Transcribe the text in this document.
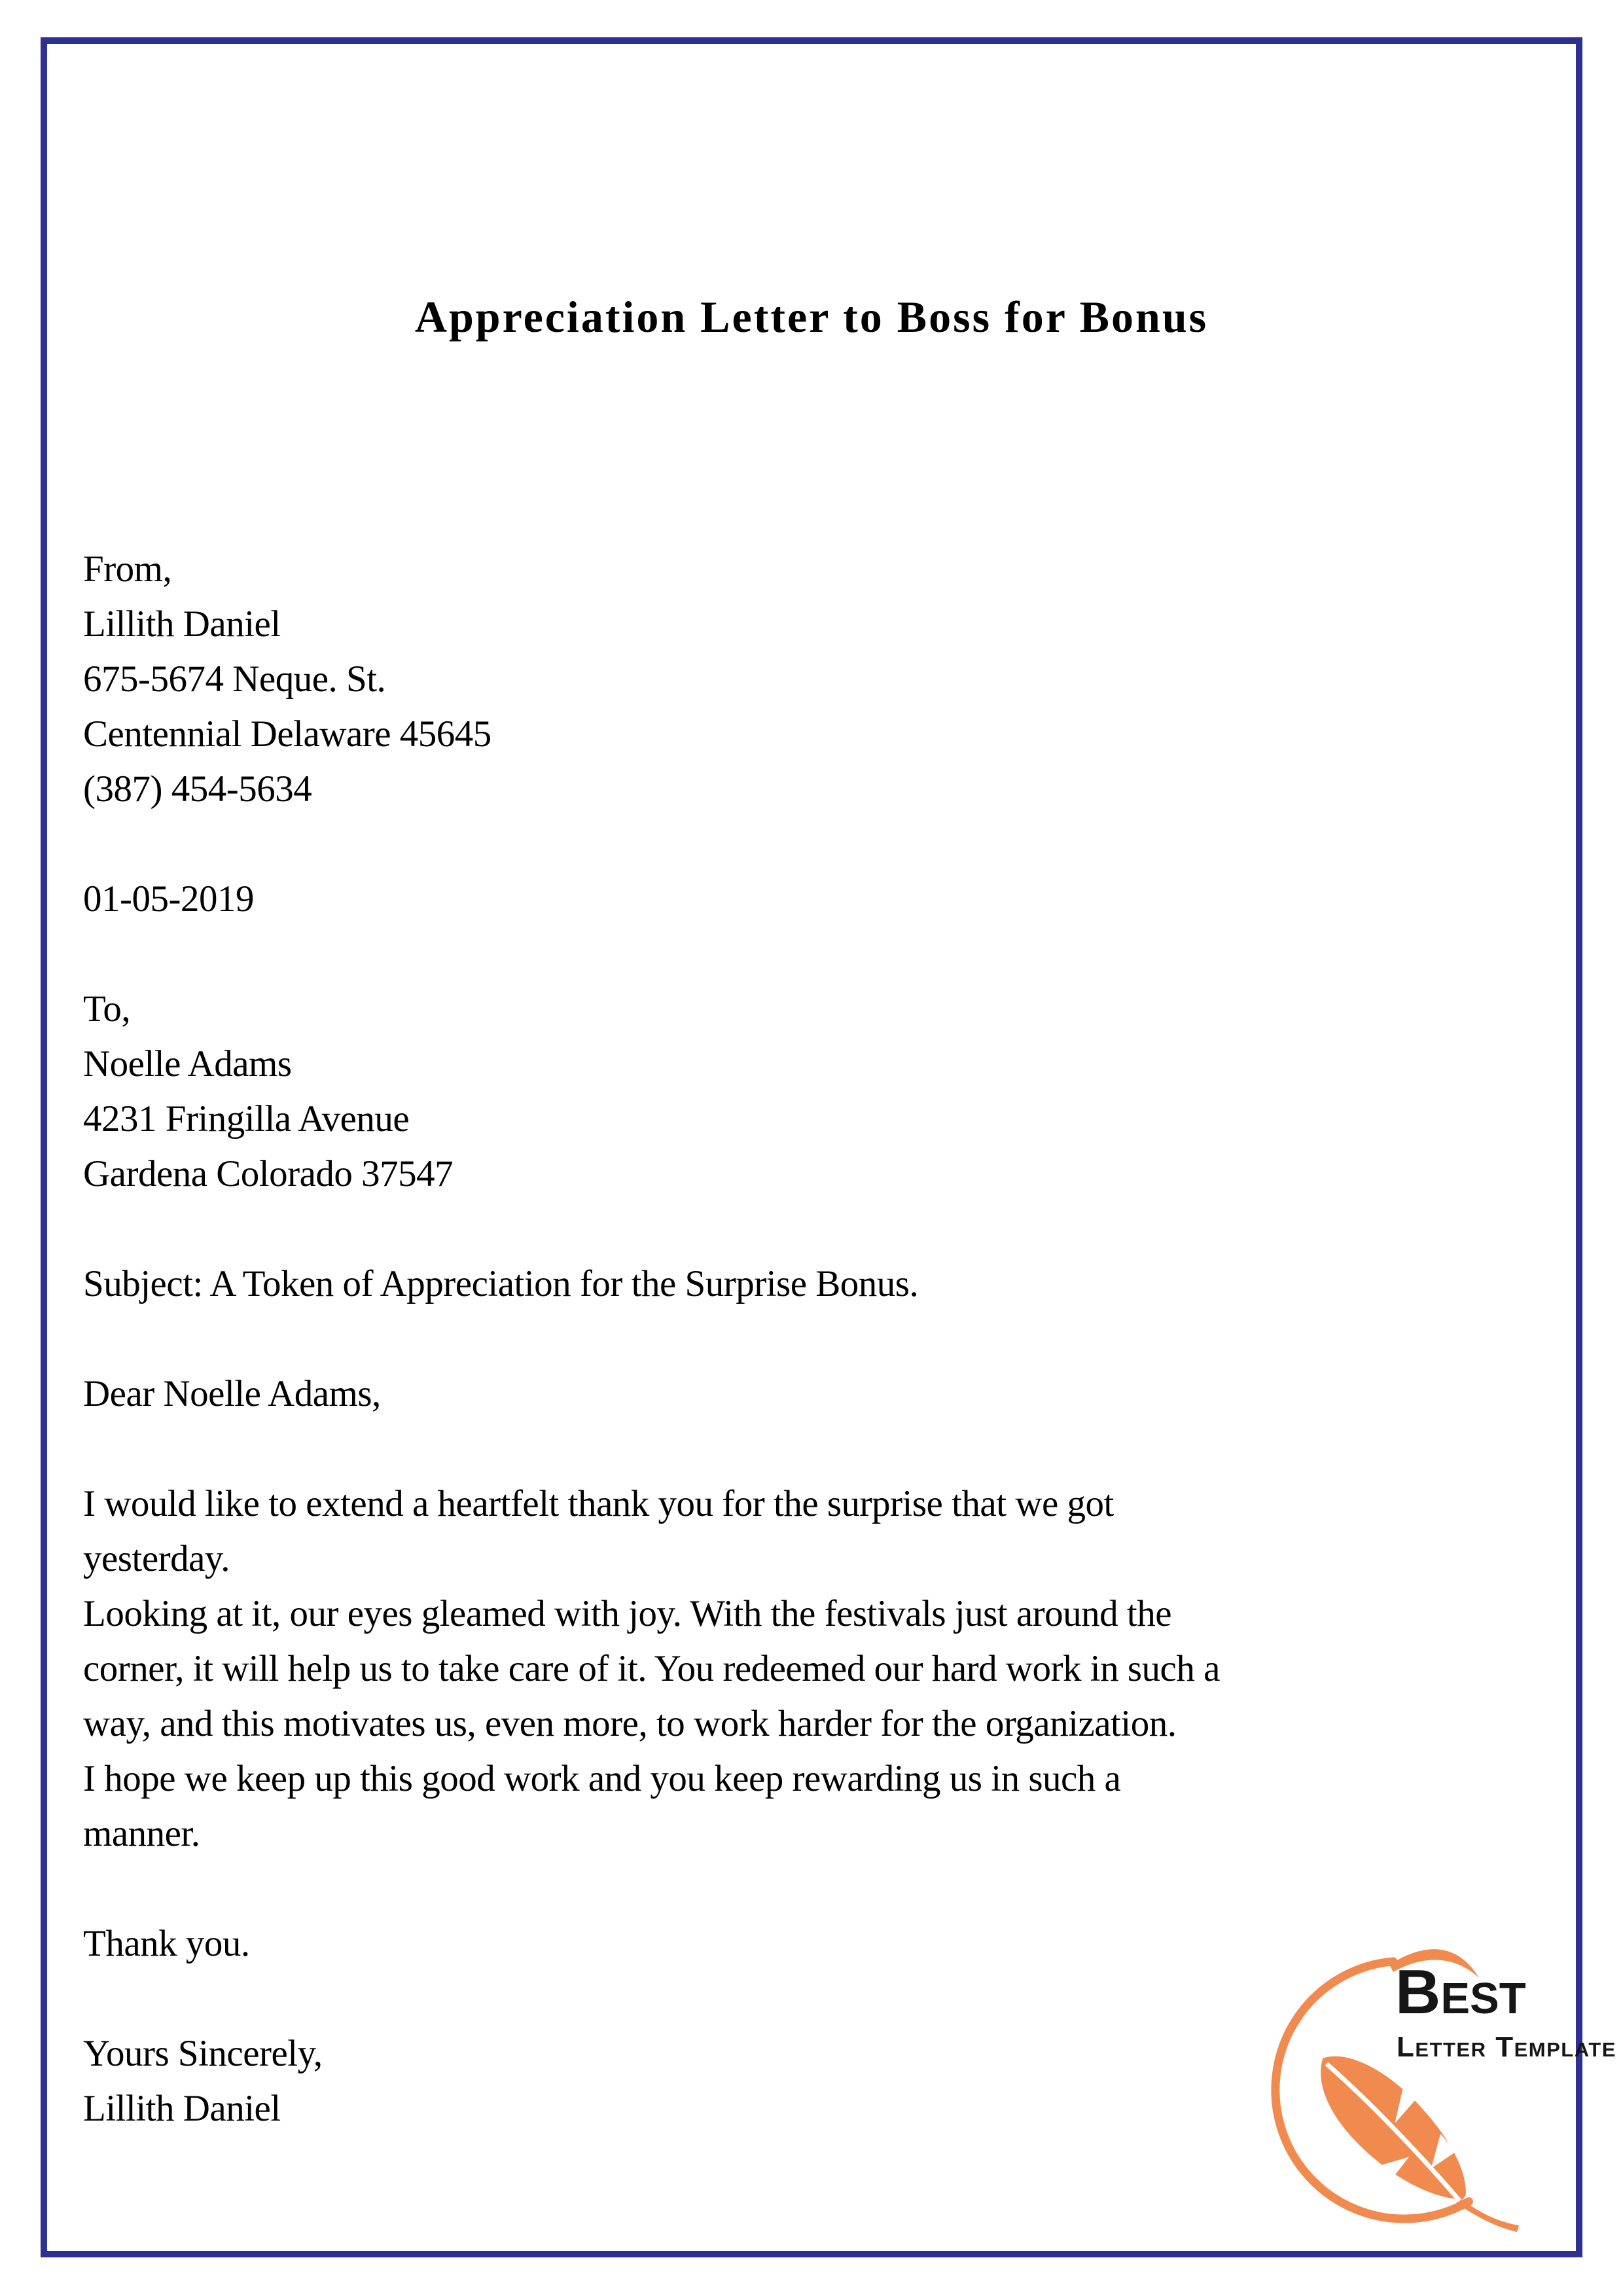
Appreciation Letter to Boss for Bonus
From,
Lillith Daniel
675-5674 Neque. St.
Centennial Delaware 45645
(387) 454-5634
01-05-2019
To,
Noelle Adams
4231 Fringilla Avenue
Gardena Colorado 37547
Subject: A Token of Appreciation for the Surprise Bonus.
Dear Noelle Adams,
I would like to extend a heartfelt thank you for the surprise that we got
yesterday.
Looking at it, our eyes gleamed with joy. With the festivals just around the
corner, it will help us to take care of it. You redeemed our hard work in such a
way, and this motivates us, even more, to work harder for the organization.
I hope we keep up this good work and you keep rewarding us in such a
manner.
Thank you.
Yours Sincerely,
Lillith Daniel
Best
Letter Template
